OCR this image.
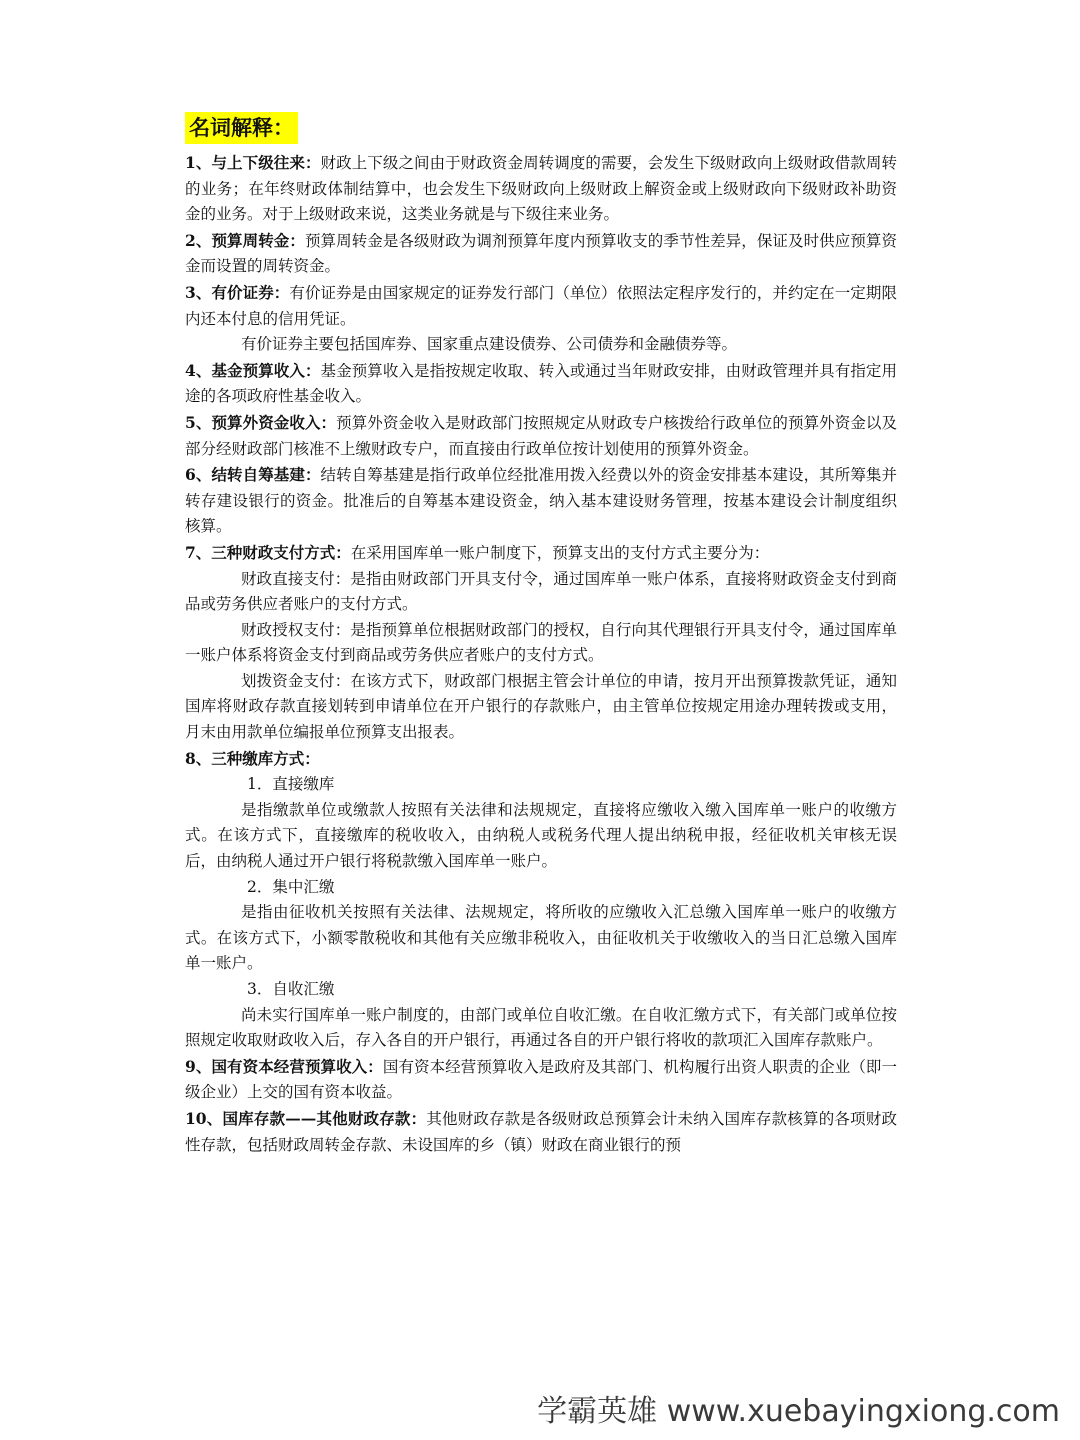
名词解释：

1、与上下级往来：财政上下级之间由于财政资金周转调度的需要，会发生下级财政向上级财政借款周转的业务；在年终财政体制结算中，也会发生下级财政向上级财政上解资金或上级财政向下级财政补助资金的业务。对于上级财政来说，这类业务就是与下级往来业务。

2、预算周转金：预算周转金是各级财政为调剂预算年度内预算收支的季节性差异，保证及时供应预算资金而设置的周转资金。

3、有价证券：有价证券是由国家规定的证券发行部门（单位）依照法定程序发行的，并约定在一定期限内还本付息的信用凭证。

有价证券主要包括国库券、国家重点建设债券、公司债券和金融债券等。

4、基金预算收入：基金预算收入是指按规定收取、转入或通过当年财政安排，由财政管理并具有指定用途的各项政府性基金收入。

5、预算外资金收入：预算外资金收入是财政部门按照规定从财政专户核拨给行政单位的预算外资金以及部分经财政部门核准不上缴财政专户，而直接由行政单位按计划使用的预算外资金。

6、结转自筹基建：结转自筹基建是指行政单位经批准用拨入经费以外的资金安排基本建设，其所筹集并转存建设银行的资金。批准后的自筹基本建设资金，纳入基本建设财务管理，按基本建设会计制度组织核算。

7、三种财政支付方式：在采用国库单一账户制度下，预算支出的支付方式主要分为：

财政直接支付：是指由财政部门开具支付令，通过国库单一账户体系，直接将财政资金支付到商品或劳务供应者账户的支付方式。

财政授权支付：是指预算单位根据财政部门的授权，自行向其代理银行开具支付令，通过国库单一账户体系将资金支付到商品或劳务供应者账户的支付方式。

划拨资金支付：在该方式下，财政部门根据主管会计单位的申请，按月开出预算拨款凭证，通知国库将财政存款直接划转到申请单位在开户银行的存款账户，由主管单位按规定用途办理转拨或支用，月末由用款单位编报单位预算支出报表。

8、三种缴库方式：

1．直接缴库

是指缴款单位或缴款人按照有关法律和法规规定，直接将应缴收入缴入国库单一账户的收缴方式。在该方式下，直接缴库的税收收入，由纳税人或税务代理人提出纳税申报，经征收机关审核无误后，由纳税人通过开户银行将税款缴入国库单一账户。

2．集中汇缴

是指由征收机关按照有关法律、法规规定，将所收的应缴收入汇总缴入国库单一账户的收缴方式。在该方式下，小额零散税收和其他有关应缴非税收入，由征收机关于收缴收入的当日汇总缴入国库单一账户。

3．自收汇缴

尚未实行国库单一账户制度的，由部门或单位自收汇缴。在自收汇缴方式下，有关部门或单位按照规定收取财政收入后，存入各自的开户银行，再通过各自的开户银行将收的款项汇入国库存款账户。

9、国有资本经营预算收入：国有资本经营预算收入是政府及其部门、机构履行出资人职责的企业（即一级企业）上交的国有资本收益。

10、国库存款——其他财政存款：其他财政存款是各级财政总预算会计未纳入国库存款核算的各项财政性存款，包括财政周转金存款、未设国库的乡（镇）财政在商业银行的预

学霸英雄 www.xuebayingxiong.com
